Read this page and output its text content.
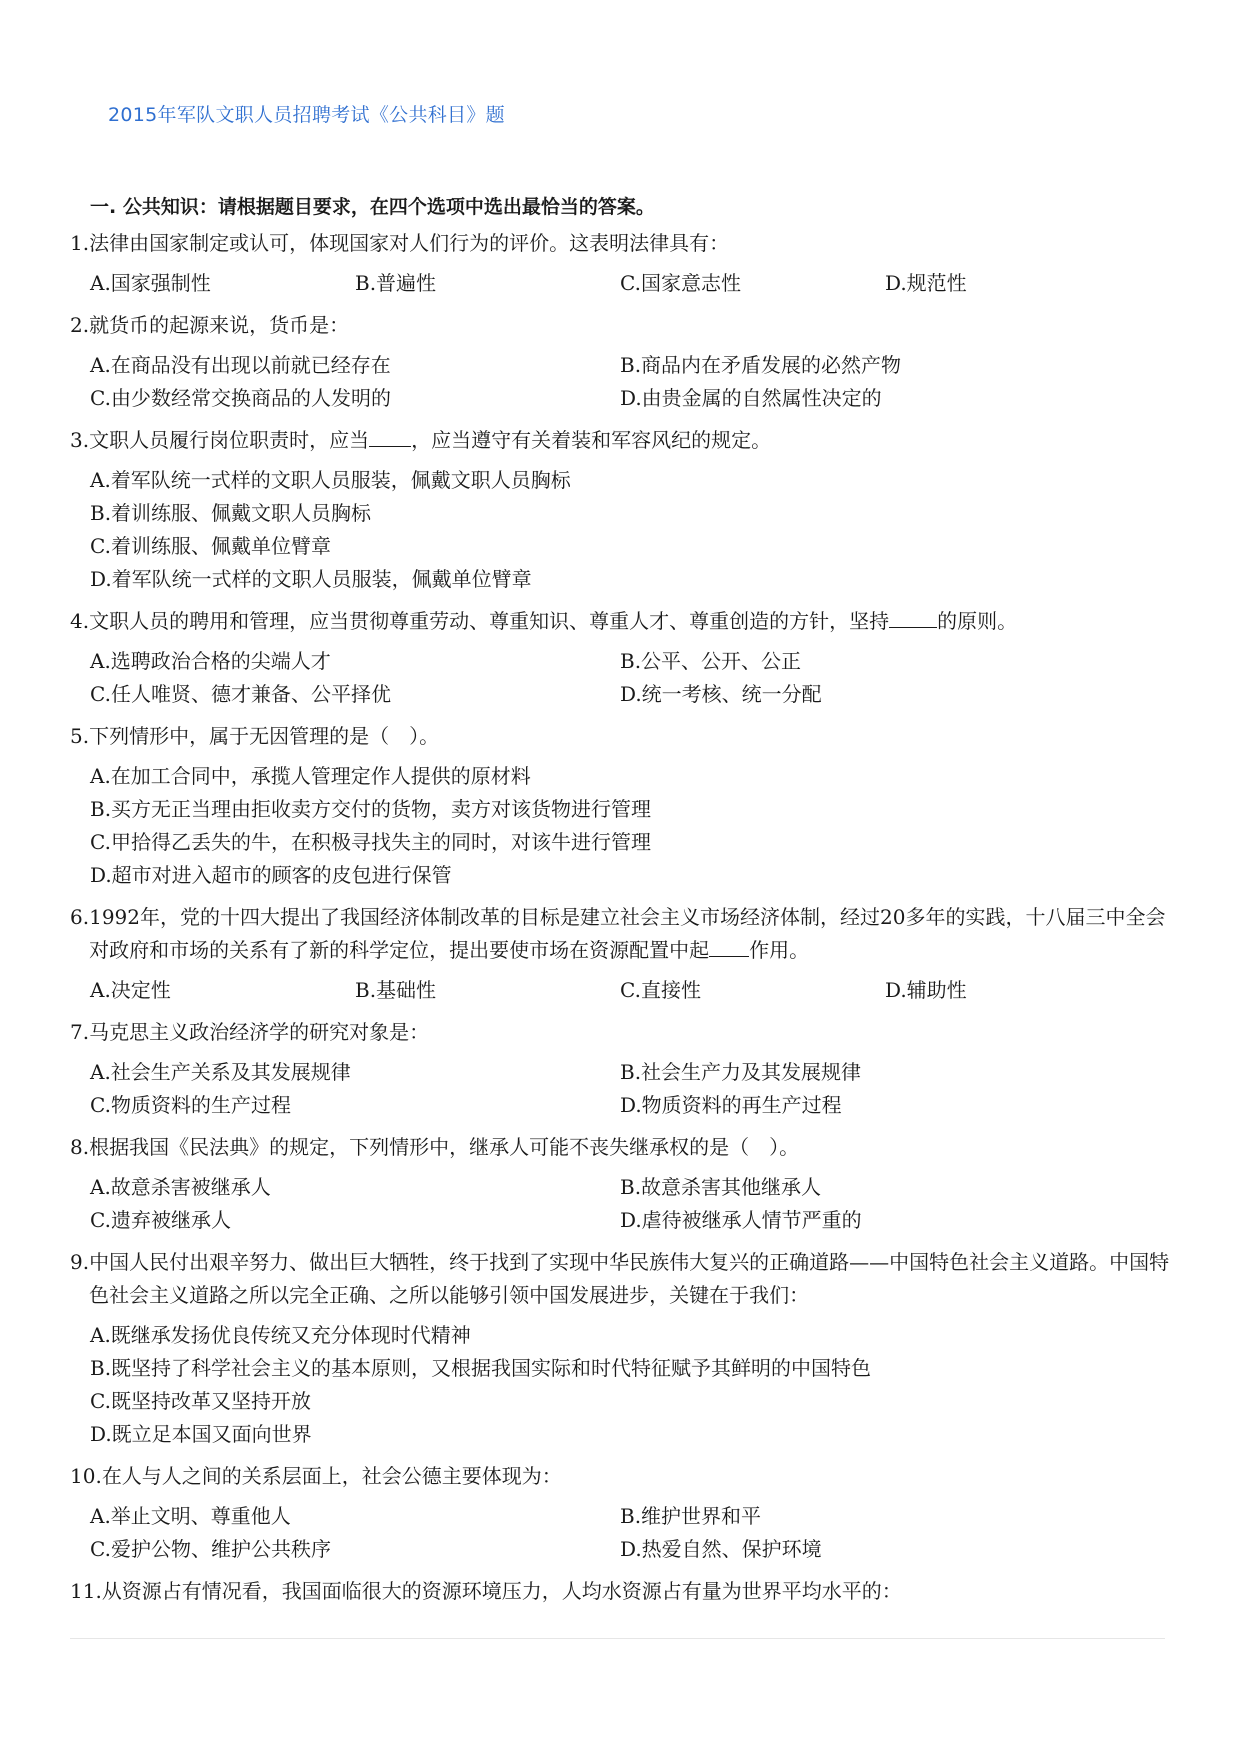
2015年军队文职人员招聘考试《公共科目》题
一. 公共知识：请根据题目要求，在四个选项中选出最恰当的答案。
1. 法律由国家制定或认可，体现国家对人们行为的评价。这表明法律具有：
A.国家强制性	B.普遍性	C.国家意志性	D.规范性
2. 就货币的起源来说，货币是：
A.在商品没有出现以前就已经存在	B.商品内在矛盾发展的必然产物
C.由少数经常交换商品的人发明的	D.由贵金属的自然属性决定的
3. 文职人员履行岗位职责时，应当 ，应当遵守有关着装和军容风纪的规定。
A.着军队统一式样的文职人员服装，佩戴文职人员胸标
B.着训练服、佩戴文职人员胸标
C.着训练服、佩戴单位臂章
D.着军队统一式样的文职人员服装，佩戴单位臂章
4. 文职人员的聘用和管理，应当贯彻尊重劳动、尊重知识、尊重人才、尊重创造的方针，坚持 的原则。
A.选聘政治合格的尖端人才	B.公平、公开、公正
C.任人唯贤、德才兼备、公平择优	D.统一考核、统一分配
5. 下列情形中，属于无因管理的是（　）。
A.在加工合同中，承揽人管理定作人提供的原材料
B.买方无正当理由拒收卖方交付的货物，卖方对该货物进行管理
C.甲拾得乙丢失的牛，在积极寻找失主的同时，对该牛进行管理
D.超市对进入超市的顾客的皮包进行保管
6. 1992年，党的十四大提出了我国经济体制改革的目标是建立社会主义市场经济体制，经过20多年的实践，十八届三中全会对政府和市场的关系有了新的科学定位，提出要使市场在资源配置中起 作用。
A.决定性	B.基础性	C.直接性	D.辅助性
7. 马克思主义政治经济学的研究对象是：
A.社会生产关系及其发展规律	B.社会生产力及其发展规律
C.物质资料的生产过程	D.物质资料的再生产过程
8. 根据我国《民法典》的规定，下列情形中，继承人可能不丧失继承权的是（　）。
A.故意杀害被继承人	B.故意杀害其他继承人
C.遗弃被继承人	D.虐待被继承人情节严重的
9. 中国人民付出艰辛努力、做出巨大牺牲，终于找到了实现中华民族伟大复兴的正确道路——中国特色社会主义道路。中国特色社会主义道路之所以完全正确、之所以能够引领中国发展进步，关键在于我们：
A.既继承发扬优良传统又充分体现时代精神
B.既坚持了科学社会主义的基本原则，又根据我国实际和时代特征赋予其鲜明的中国特色
C.既坚持改革又坚持开放
D.既立足本国又面向世界
10. 在人与人之间的关系层面上，社会公德主要体现为：
A.举止文明、尊重他人	B.维护世界和平
C.爱护公物、维护公共秩序	D.热爱自然、保护环境
11. 从资源占有情况看，我国面临很大的资源环境压力，人均水资源占有量为世界平均水平的：
